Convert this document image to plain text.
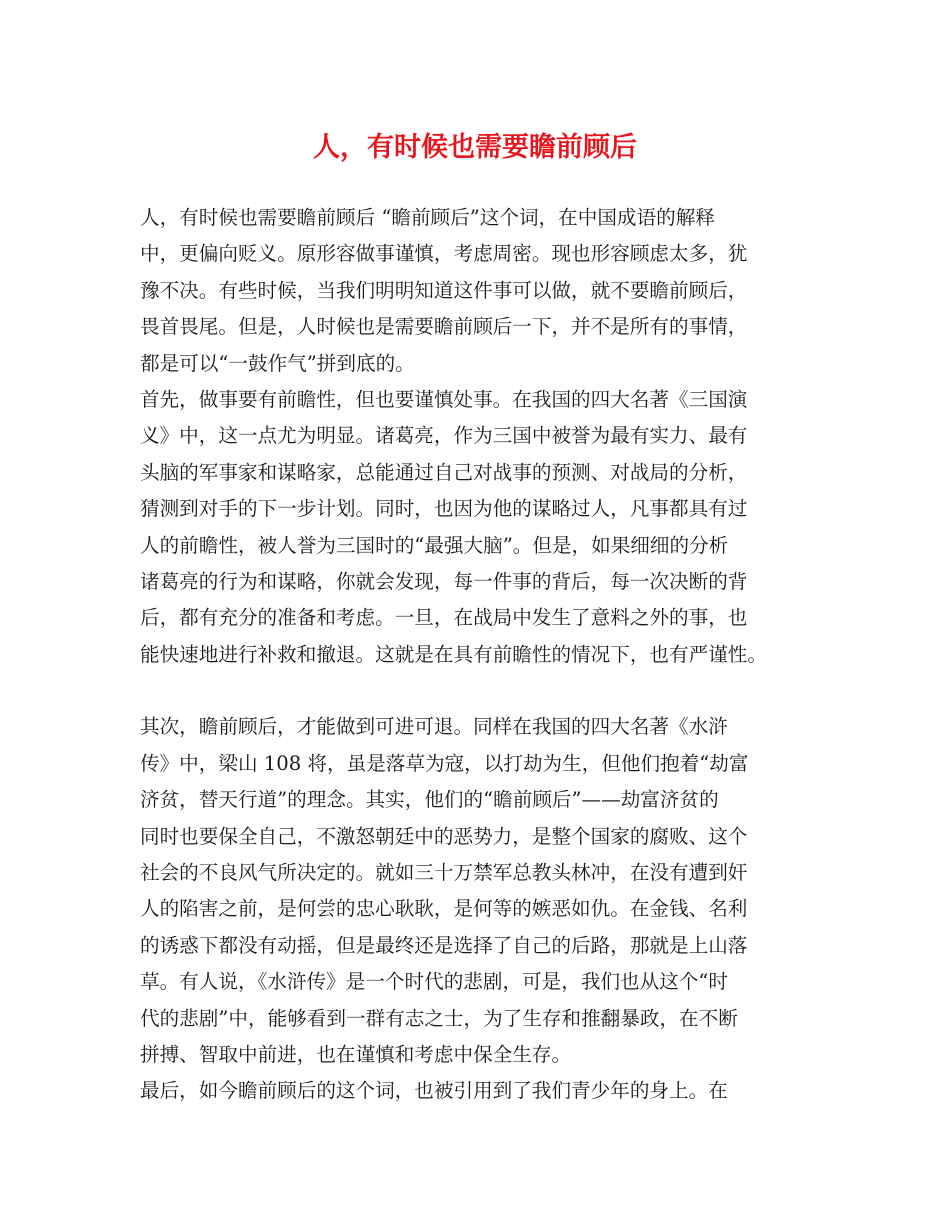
人，有时候也需要瞻前顾后
人，有时候也需要瞻前顾后 “瞻前顾后”这个词，在中国成语的解释
中，更偏向贬义。原形容做事谨慎，考虑周密。现也形容顾虑太多，犹
豫不决。有些时候，当我们明明知道这件事可以做，就不要瞻前顾后，
畏首畏尾。但是，人时候也是需要瞻前顾后一下，并不是所有的事情，
都是可以“一鼓作气”拼到底的。
首先，做事要有前瞻性，但也要谨慎处事。在我国的四大名著《三国演
义》中，这一点尤为明显。诸葛亮，作为三国中被誉为最有实力、最有
头脑的军事家和谋略家，总能通过自己对战事的预测、对战局的分析，
猜测到对手的下一步计划。同时，也因为他的谋略过人，凡事都具有过
人的前瞻性，被人誉为三国时的“最强大脑”。但是，如果细细的分析
诸葛亮的行为和谋略，你就会发现，每一件事的背后，每一次决断的背
后，都有充分的准备和考虑。一旦，在战局中发生了意料之外的事，也
能快速地进行补救和撤退。这就是在具有前瞻性的情况下，也有严谨性。
其次，瞻前顾后，才能做到可进可退。同样在我国的四大名著《水浒
传》中，梁山 108 将，虽是落草为寇，以打劫为生，但他们抱着“劫富
济贫，替天行道”的理念。其实，他们的“瞻前顾后”——劫富济贫的
同时也要保全自己，不激怒朝廷中的恶势力，是整个国家的腐败、这个
社会的不良风气所决定的。就如三十万禁军总教头林冲，在没有遭到奸
人的陷害之前，是何尝的忠心耿耿，是何等的嫉恶如仇。在金钱、名利
的诱惑下都没有动摇，但是最终还是选择了自己的后路，那就是上山落
草。有人说，《水浒传》是一个时代的悲剧，可是，我们也从这个“时
代的悲剧”中，能够看到一群有志之士，为了生存和推翻暴政，在不断
拼搏、智取中前进，也在谨慎和考虑中保全生存。
最后，如今瞻前顾后的这个词，也被引用到了我们青少年的身上。在
